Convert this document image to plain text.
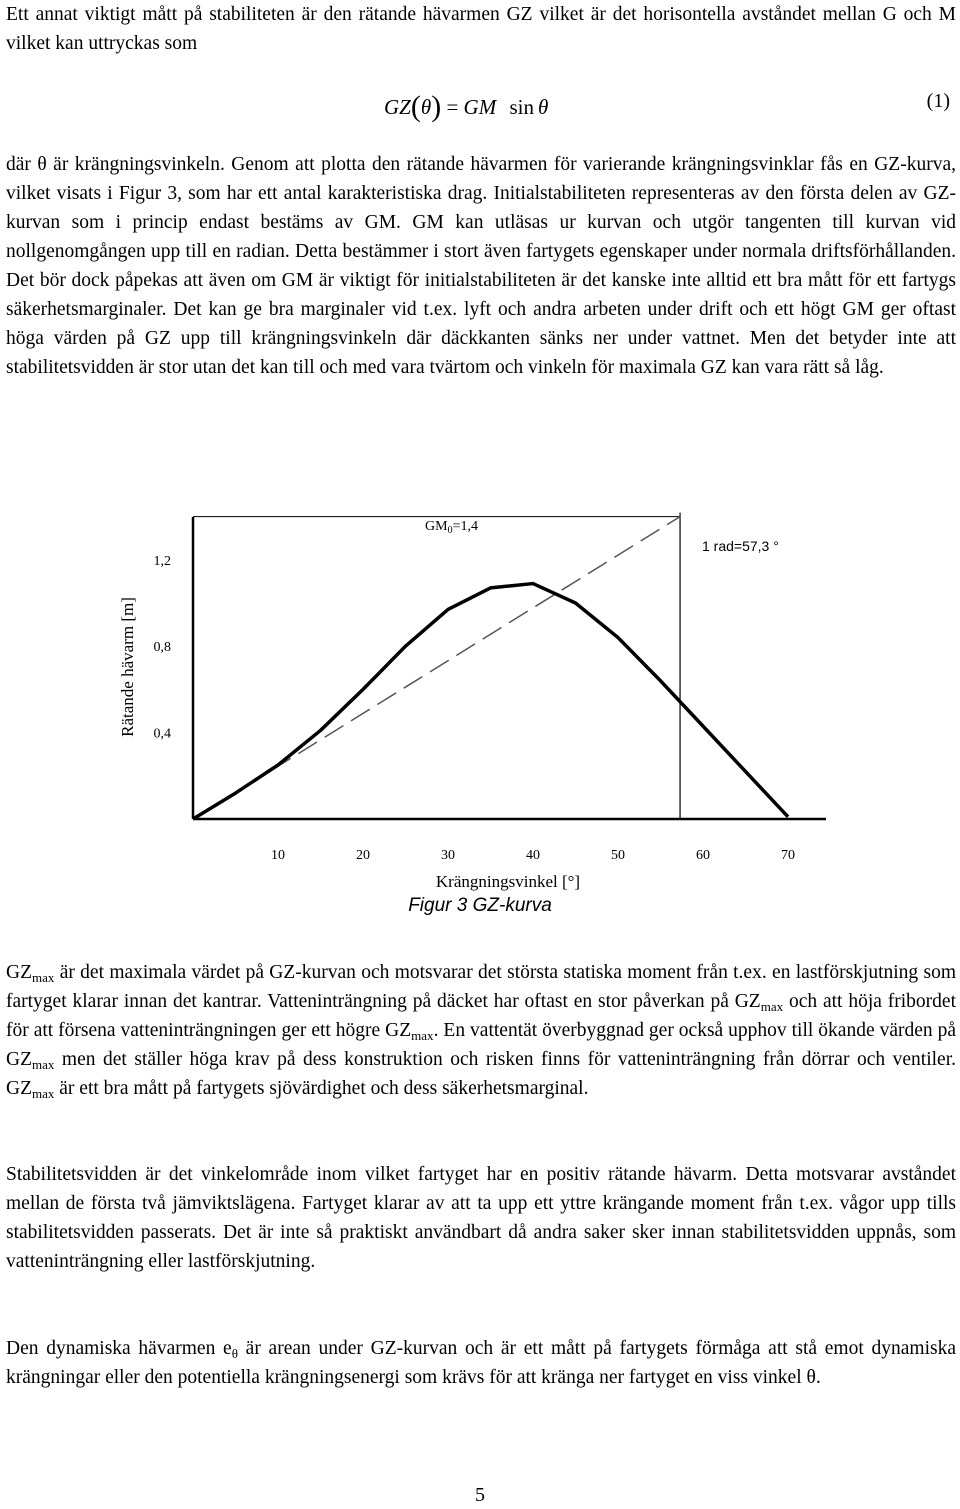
Ett annat viktigt mått på stabiliteten är den rätande hävarmen GZ vilket är det horisontella avståndet mellan G och M vilket kan uttryckas som

GZ(θ) = GM sin θ	(1)

där θ är krängningsvinkeln. Genom att plotta den rätande hävarmen för varierande krängningsvinklar fås en GZ-kurva, vilket visats i Figur 3, som har ett antal karakteristiska drag. Initialstabiliteten representeras av den första delen av GZ-kurvan som i princip endast bestäms av GM. GM kan utläsas ur kurvan och utgör tangenten till kurvan vid nollgenomgången upp till en radian. Detta bestämmer i stort även fartygets egenskaper under normala driftsförhållanden. Det bör dock påpekas att även om GM är viktigt för initialstabiliteten är det kanske inte alltid ett bra mått för ett fartygs säkerhetsmarginaler. Det kan ge bra marginaler vid t.ex. lyft och andra arbeten under drift och ett högt GM ger oftast höga värden på GZ upp till krängningsvinkeln där däckkanten sänks ner under vattnet. Men det betyder inte att stabilitetsvidden är stor utan det kan till och med vara tvärtom och vinkeln för maximala GZ kan vara rätt så låg.

10	20	30	40	50	60	70
0,4
0,8
1,2
$GM_0=1,4$
1 rad=57,3 °
Krängningsvinkel [°]
Rätande hävarm [m]
Figur 3 GZ-kurva

$GZ_{max}$ är det maximala värdet på GZ-kurvan och motsvarar det största statiska moment från t.ex. en lastförskjutning som fartyget klarar innan det kantrar. Vatteninträngning på däcket har oftast en stor påverkan på $GZ_{max}$ och att höja fribordet för att försena vatteninträngningen ger ett högre $GZ_{max}$. En vattentät överbyggnad ger också upphov till ökande värden på $GZ_{max}$ men det ställer höga krav på dess konstruktion och risken finns för vatteninträngning från dörrar och ventiler. $GZ_{max}$ är ett bra mått på fartygets sjövärdighet och dess säkerhetsmarginal.

Stabilitetsvidden är det vinkelområde inom vilket fartyget har en positiv rätande hävarm. Detta motsvarar avståndet mellan de första två jämviktslägena. Fartyget klarar av att ta upp ett yttre krängande moment från t.ex. vågor upp tills stabilitetsvidden passerats. Det är inte så praktiskt användbart då andra saker sker innan stabilitetsvidden uppnås, som vatteninträngning eller lastförskjutning.

Den dynamiska hävarmen $e_\theta$ är arean under GZ-kurvan och är ett mått på fartygets förmåga att stå emot dynamiska krängningar eller den potentiella krängningsenergi som krävs för att kränga ner fartyget en viss vinkel θ.

5
